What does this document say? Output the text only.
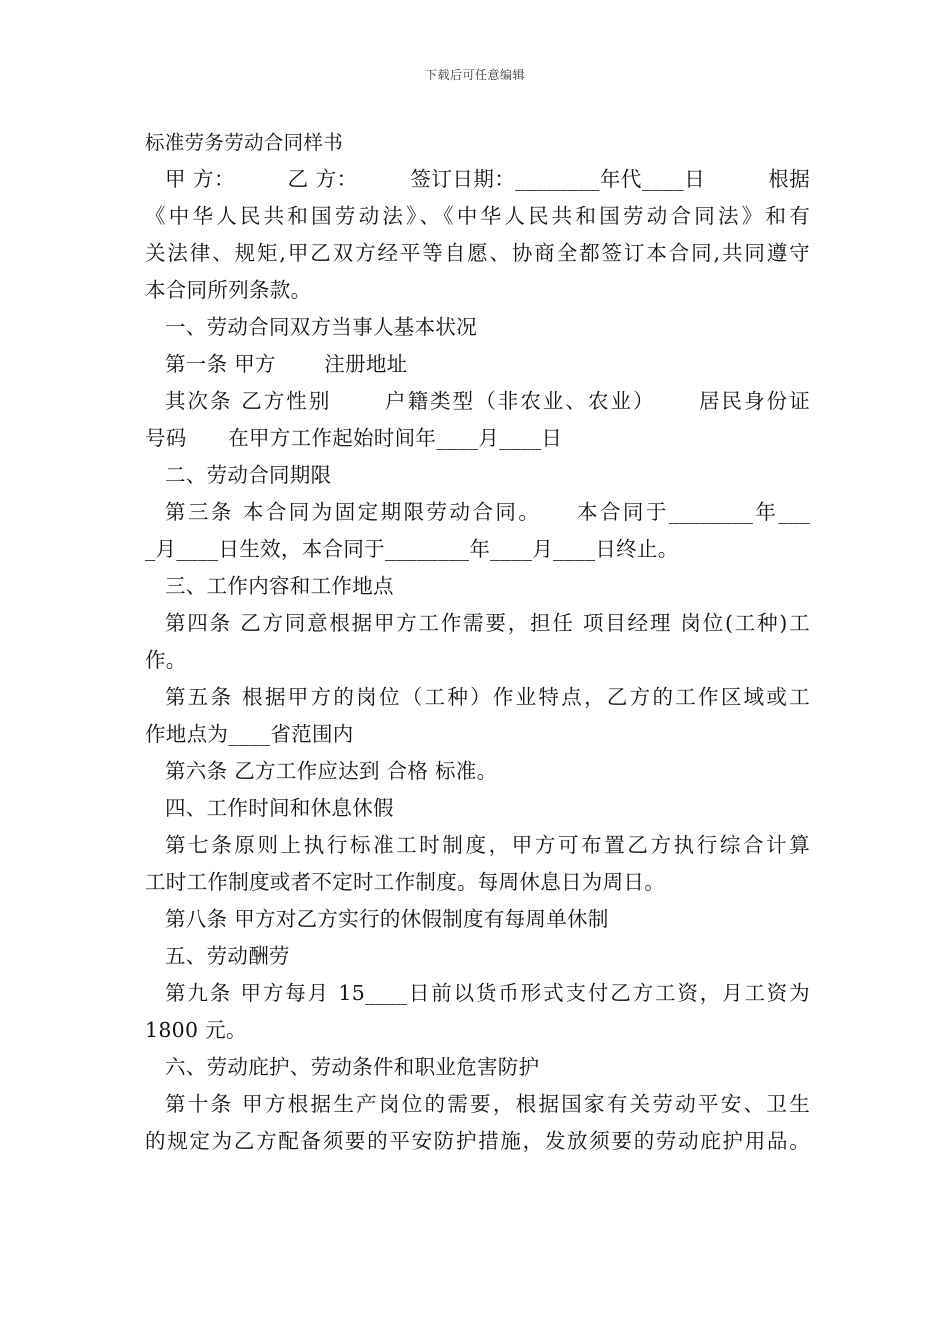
下载后可任意编辑
标准劳务劳动合同样书
甲 方：　　　乙 方：　　　签订日期：________年代____日　　　根据
《中华人民共和国劳动法》、《中华人民共和国劳动合同法》和有
关法律、规矩,甲乙双方经平等自愿、协商全都签订本合同,共同遵守
本合同所列条款。
一、劳动合同双方当事人基本状况
第一条 甲方　　 注册地址
其次条 乙方性别　　 户籍类型（非农业、农业）　　 居民身份证
号码　　在甲方工作起始时间年____月____日
二、劳动合同期限
第三条 本合同为固定期限劳动合同。　　本合同于________年___
_月____日生效，本合同于________年____月____日终止。
三、工作内容和工作地点
第四条 乙方同意根据甲方工作需要，担任 项目经理 岗位(工种)工
作。
第五条 根据甲方的岗位（工种）作业特点，乙方的工作区域或工
作地点为____省范围内
第六条 乙方工作应达到 合格 标准。
四、工作时间和休息休假
第七条原则上执行标准工时制度，甲方可布置乙方执行综合计算
工时工作制度或者不定时工作制度。每周休息日为周日。
第八条 甲方对乙方实行的休假制度有每周单休制
五、劳动酬劳
第九条 甲方每月 15____日前以货币形式支付乙方工资，月工资为
1800 元。
六、劳动庇护、劳动条件和职业危害防护
第十条 甲方根据生产岗位的需要，根据国家有关劳动平安、卫生
的规定为乙方配备须要的平安防护措施，发放须要的劳动庇护用品。
